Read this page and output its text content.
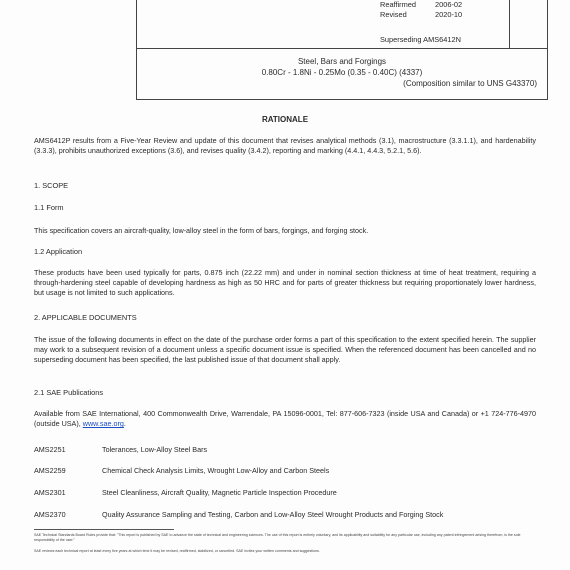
Reaffirmed	2006-02
Revised	2020-10
Superseding AMS6412N
Steel, Bars and Forgings
0.80Cr - 1.8Ni - 0.25Mo (0.35 - 0.40C) (4337)
(Composition similar to UNS G43370)
RATIONALE
AMS6412P results from a Five-Year Review and update of this document that revises analytical methods (3.1), macrostructure (3.3.1.1), and hardenability (3.3.3), prohibits unauthorized exceptions (3.6), and revises quality (3.4.2), reporting and marking (4.4.1, 4.4.3, 5.2.1, 5.6).
1. SCOPE
1.1 Form
This specification covers an aircraft-quality, low-alloy steel in the form of bars, forgings, and forging stock.
1.2 Application
These products have been used typically for parts, 0.875 inch (22.22 mm) and under in nominal section thickness at time of heat treatment, requiring a through-hardening steel capable of developing hardness as high as 50 HRC and for parts of greater thickness but requiring proportionately lower hardness, but usage is not limited to such applications.
2. APPLICABLE DOCUMENTS
The issue of the following documents in effect on the date of the purchase order forms a part of this specification to the extent specified herein. The supplier may work to a subsequent revision of a document unless a specific document issue is specified. When the referenced document has been cancelled and no superseding document has been specified, the last published issue of that document shall apply.
2.1 SAE Publications
Available from SAE International, 400 Commonwealth Drive, Warrendale, PA 15096-0001, Tel: 877-606-7323 (inside USA and Canada) or +1 724-776-4970 (outside USA), www.sae.org.
AMS2251	Tolerances, Low-Alloy Steel Bars
AMS2259	Chemical Check Analysis Limits, Wrought Low-Alloy and Carbon Steels
AMS2301	Steel Cleanliness, Aircraft Quality, Magnetic Particle Inspection Procedure
AMS2370	Quality Assurance Sampling and Testing, Carbon and Low-Alloy Steel Wrought Products and Forging Stock
SAE Technical Standards Board Rules provide that: "This report is published by SAE to advance the state of technical and engineering sciences. The use of this report is entirely voluntary, and its applicability and suitability for any particular use, including any patent infringement arising therefrom, is the sole responsibility of the user."
SAE reviews each technical report at least every five years at which time it may be revised, reaffirmed, stabilized, or cancelled. SAE invites your written comments and suggestions.
